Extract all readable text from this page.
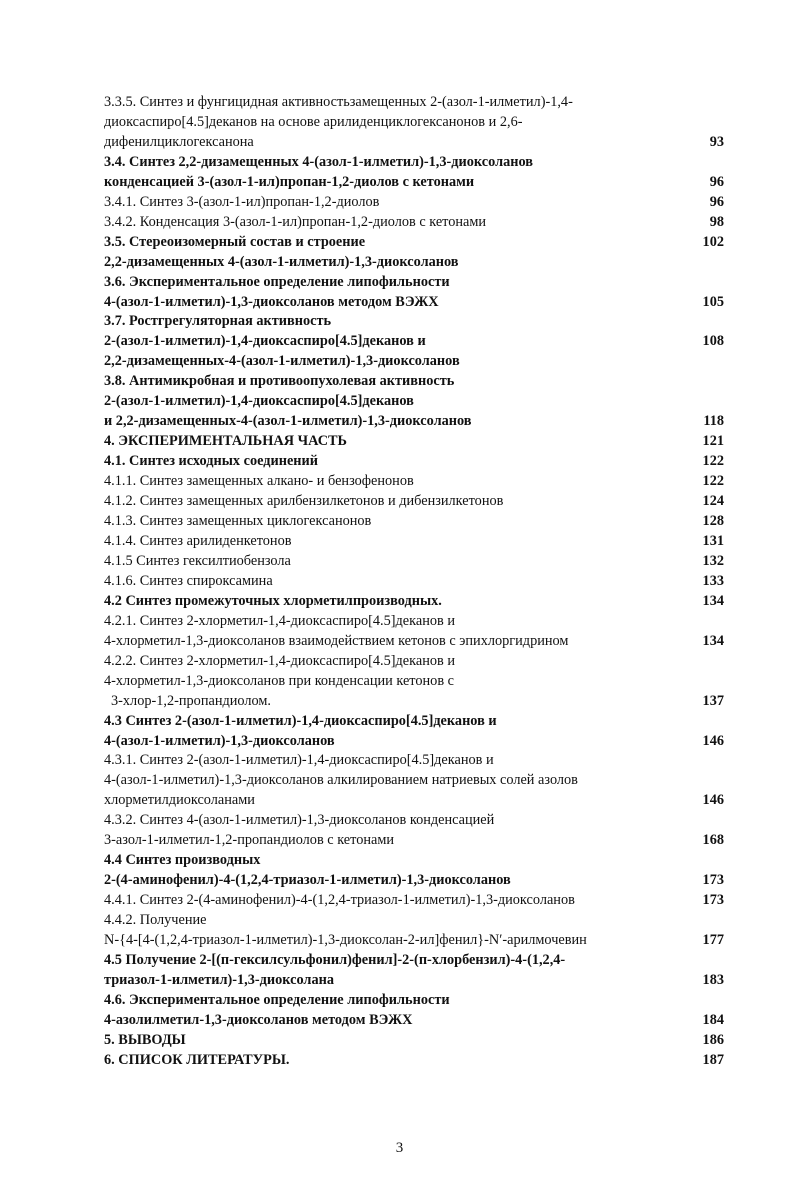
3.3.5. Синтез и фунгицидная активностьзамещенных 2-(азол-1-илметил)-1,4-
диоксаспиро[4.5]деканов на основе арилиденциклогексанонов и 2,6-
дифенилциклогексанона	93
3.4. Синтез 2,2-дизамещенных 4-(азол-1-илметил)-1,3-диоксоланов
конденсацией 3-(азол-1-ил)пропан-1,2-диолов с кетонами	96
3.4.1. Синтез 3-(азол-1-ил)пропан-1,2-диолов	96
3.4.2. Конденсация 3-(азол-1-ил)пропан-1,2-диолов с кетонами	98
3.5. Стереоизомерный состав и строение	102
2,2-дизамещенных 4-(азол-1-илметил)-1,3-диоксоланов
3.6. Экспериментальное определение липофильности
4-(азол-1-илметил)-1,3-диоксоланов методом ВЭЖХ	105
3.7. Ростгрегуляторная активность
2-(азол-1-илметил)-1,4-диоксаспиро[4.5]деканов и	108
2,2-дизамещенных-4-(азол-1-илметил)-1,3-диоксоланов
3.8. Антимикробная и противоопухолевая активность
2-(азол-1-илметил)-1,4-диоксаспиро[4.5]деканов
и 2,2-дизамещенных-4-(азол-1-илметил)-1,3-диоксоланов	118
4. ЭКСПЕРИМЕНТАЛЬНАЯ ЧАСТЬ	121
4.1. Синтез исходных соединений	122
4.1.1. Синтез замещенных алкано- и бензофенонов	122
4.1.2. Синтез замещенных арилбензилкетонов и дибензилкетонов	124
4.1.3. Синтез замещенных циклогексанонов	128
4.1.4. Синтез арилиденкетонов	131
4.1.5 Синтез гексилтиобензола	132
4.1.6. Синтез спироксамина	133
4.2 Синтез промежуточных хлорметилпроизводных.	134
4.2.1. Синтез 2-хлорметил-1,4-диоксаспиро[4.5]деканов и
4-хлорметил-1,3-диоксоланов взаимодействием кетонов с эпихлоргидрином	134
4.2.2. Синтез 2-хлорметил-1,4-диоксаспиро[4.5]деканов и
4-хлорметил-1,3-диоксоланов при конденсации кетонов с
3-хлор-1,2-пропандиолом.	137
4.3 Синтез 2-(азол-1-илметил)-1,4-диоксаспиро[4.5]деканов и
4-(азол-1-илметил)-1,3-диоксоланов	146
4.3.1. Синтез 2-(азол-1-илметил)-1,4-диоксаспиро[4.5]деканов и
4-(азол-1-илметил)-1,3-диоксоланов алкилированием натриевых солей азолов
хлорметилдиоксоланами	146
4.3.2. Синтез 4-(азол-1-илметил)-1,3-диоксоланов конденсацией
3-азол-1-илметил-1,2-пропандиолов с кетонами	168
4.4 Синтез производных
2-(4-аминофенил)-4-(1,2,4-триазол-1-илметил)-1,3-диоксоланов	173
4.4.1. Синтез 2-(4-аминофенил)-4-(1,2,4-триазол-1-илметил)-1,3-диоксоланов	173
4.4.2. Получение
N-{4-[4-(1,2,4-триазол-1-илметил)-1,3-диоксолан-2-ил]фенил}-N′-арилмочевин	177
4.5 Получение 2-[(п-гексилсульфонил)фенил]-2-(п-хлорбензил)-4-(1,2,4-
триазол-1-илметил)-1,3-диоксолана	183
4.6. Экспериментальное определение липофильности
4-азолилметил-1,3-диоксоланов методом ВЭЖХ	184
5. ВЫВОДЫ	186
6. СПИСОК ЛИТЕРАТУРЫ.	187
3
